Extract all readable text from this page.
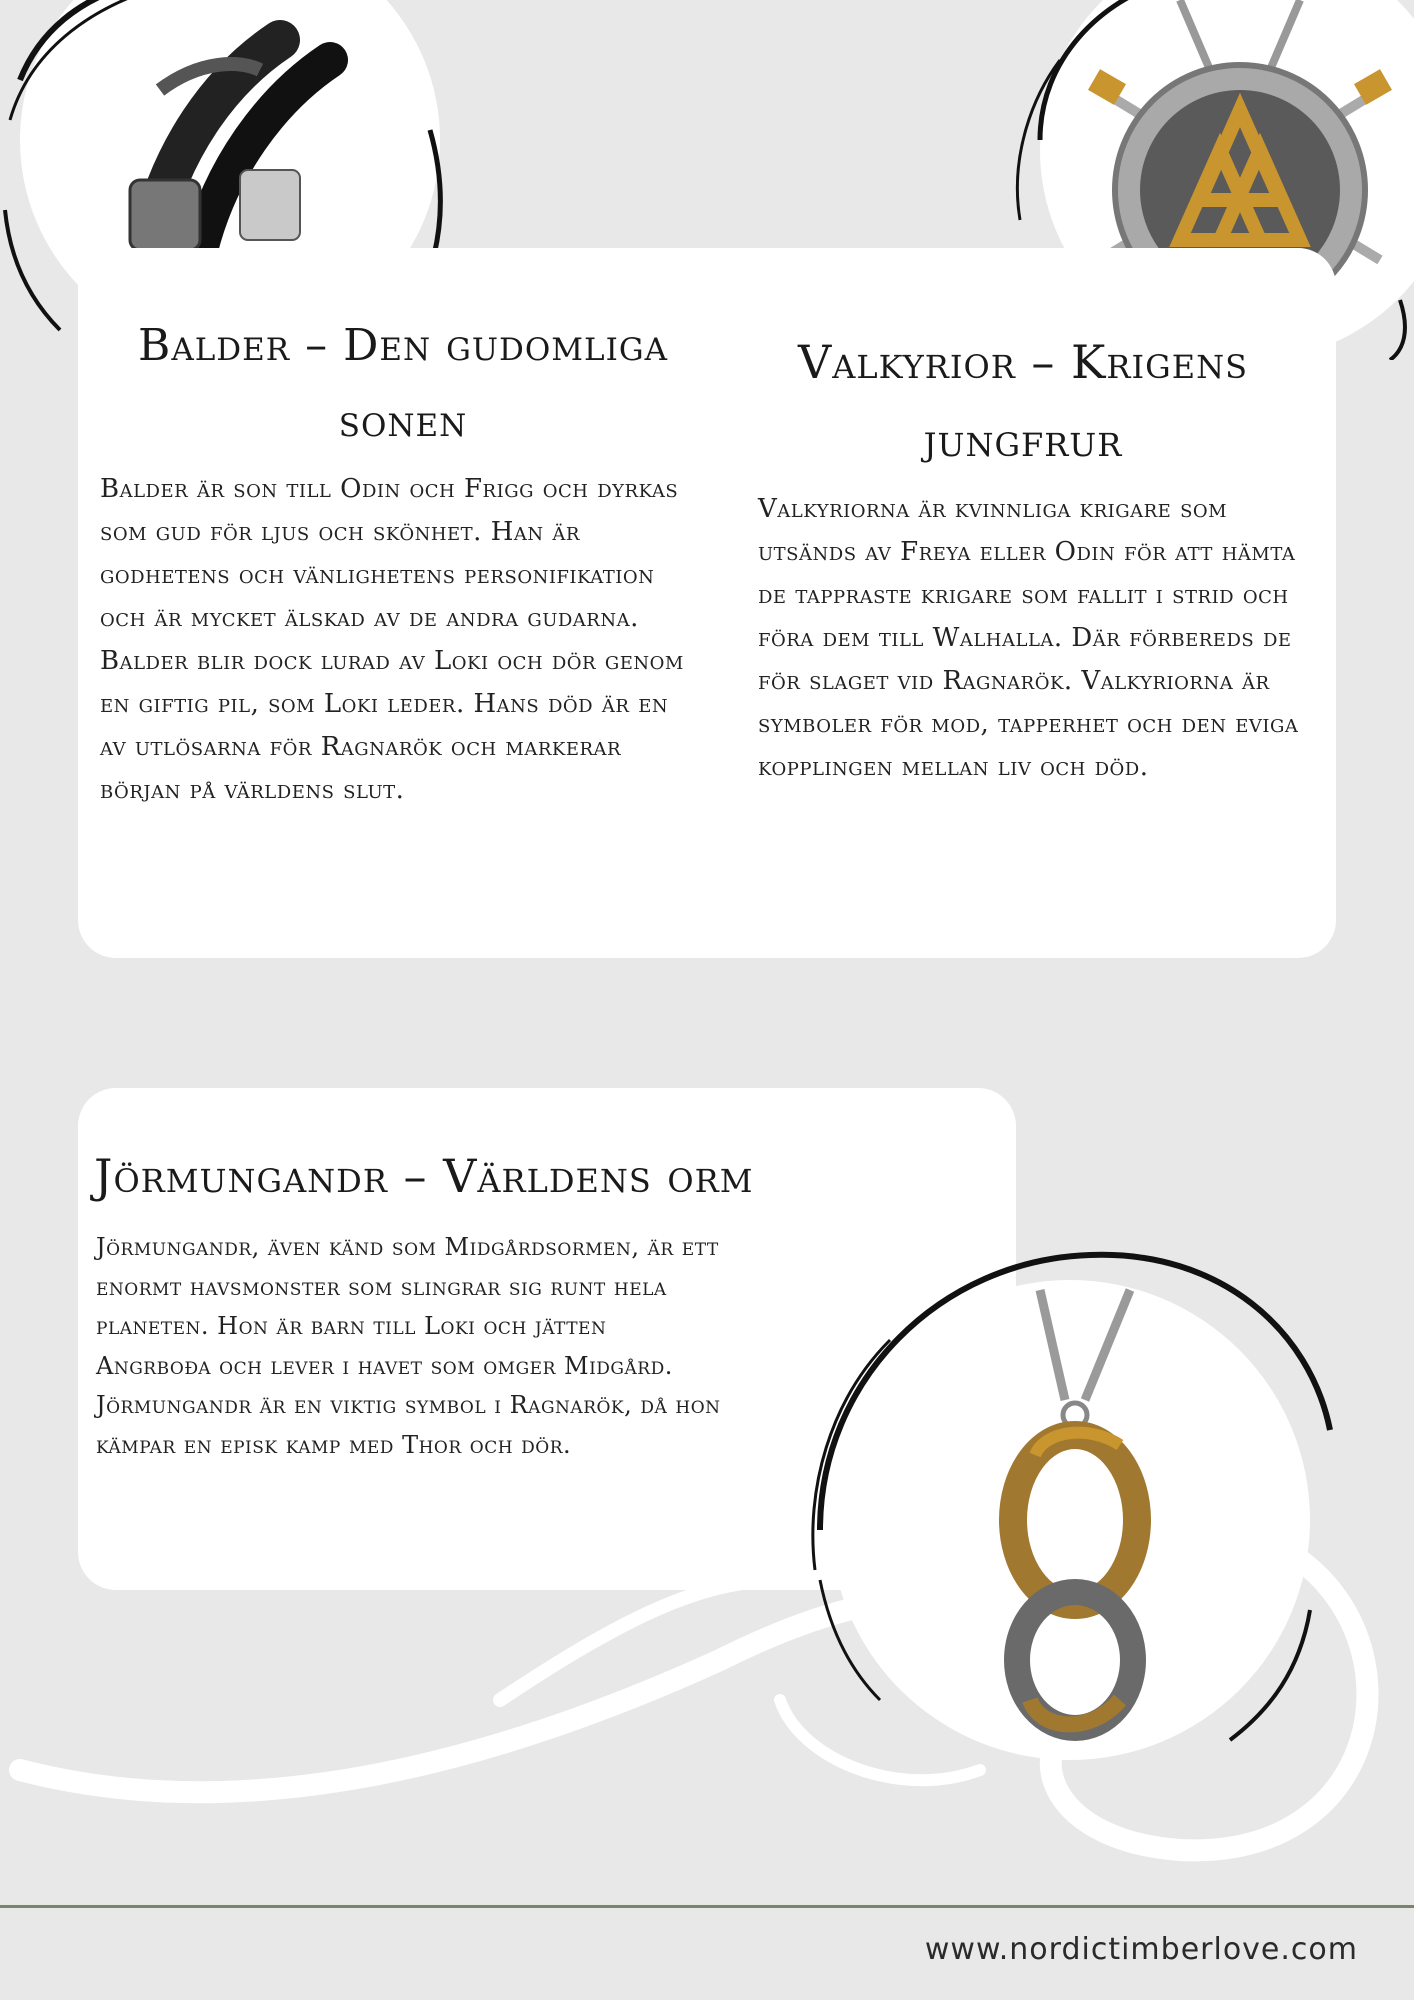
Balder – Den gudomliga sonen

Balder är son till Odin och Frigg och dyrkas som gud för ljus och skönhet. Han är godhetens och vänlighetens personifikation och är mycket älskad av de andra gudarna. Balder blir dock lurad av Loki och dör genom en giftig pil, som Loki leder. Hans död är en av utlösarna för Ragnarök och markerar början på världens slut.

Valkyrior – Krigens jungfrur

Valkyriorna är kvinnliga krigare som utsänds av Freya eller Odin för att hämta de tappraste krigare som fallit i strid och föra dem till Walhalla. Där förbereds de för slaget vid Ragnarök. Valkyriorna är symboler för mod, tapperhet och den eviga kopplingen mellan liv och död.

Jörmungandr – Världens orm

Jörmungandr, även känd som Midgårdsormen, är ett enormt havsmonster som slingrar sig runt hela planeten. Hon är barn till Loki och jätten Angrboða och lever i havet som omger Midgård. Jörmungandr är en viktig symbol i Ragnarök, då hon kämpar en episk kamp med Thor och dör.

www.nordictimberlove.com
